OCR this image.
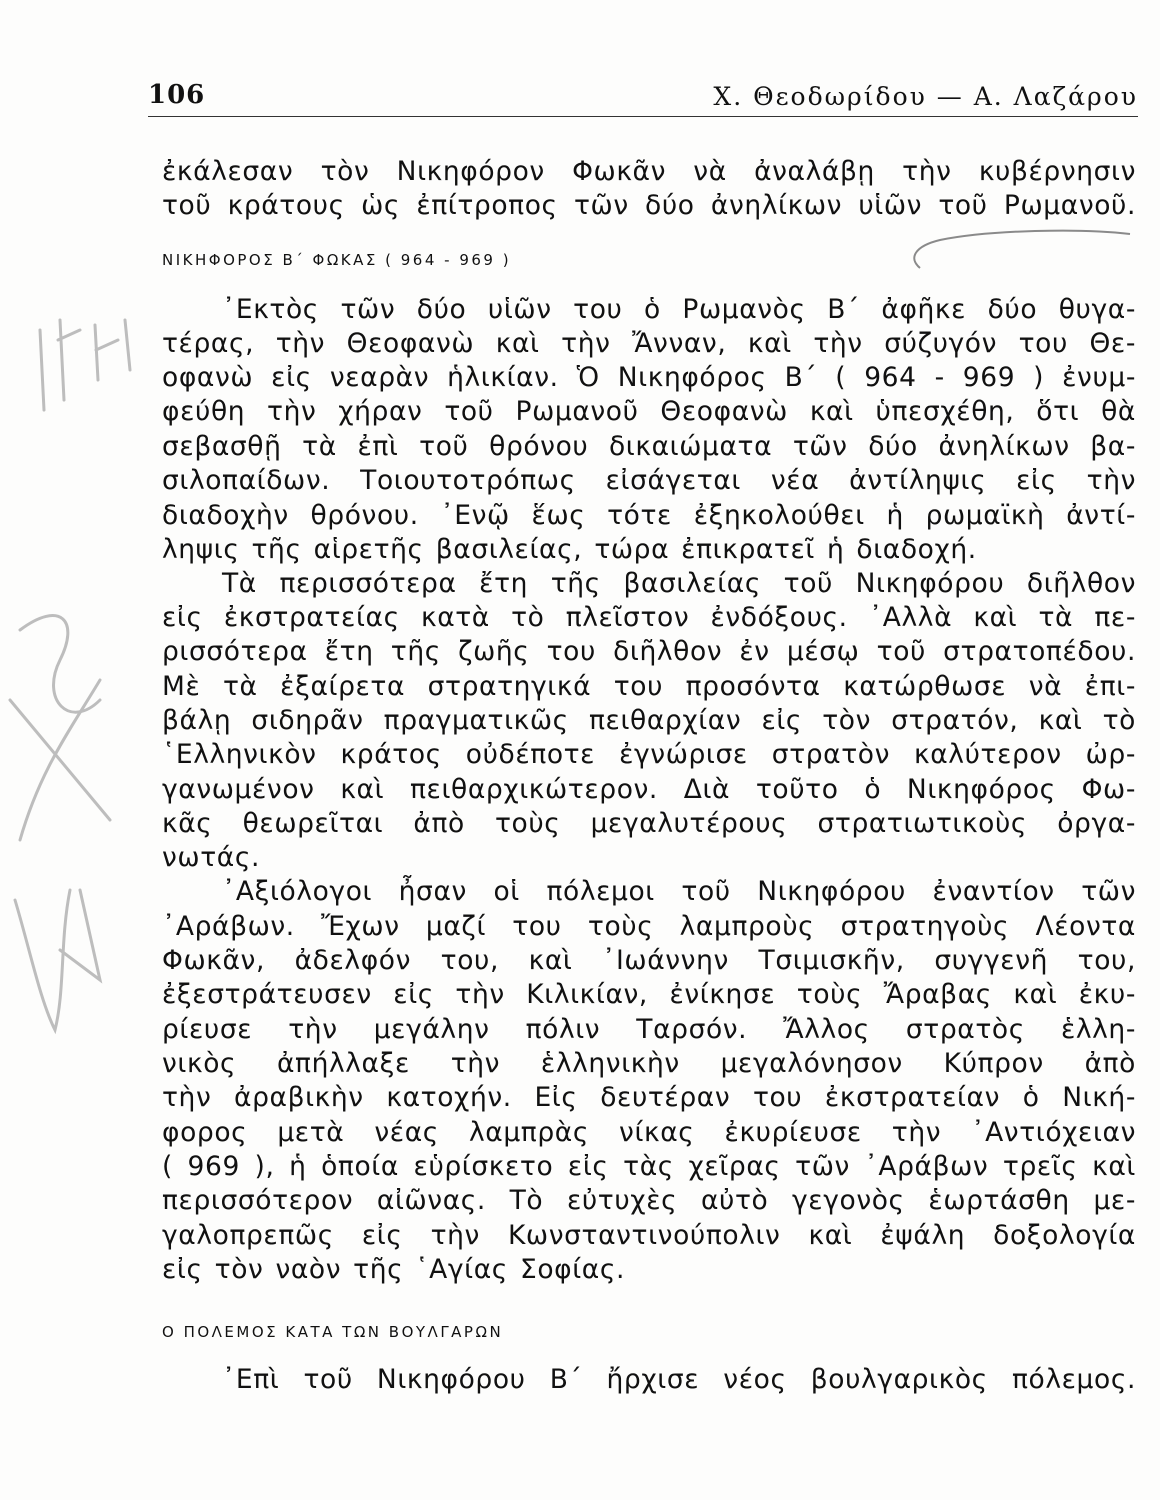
106	Χ. Θεοδωρίδου — Α. Λαζάρου
ἐκάλεσαν τὸν Νικηφόρον Φωκᾶν νὰ ἀναλάβῃ τὴν κυβέρνησιν
τοῦ κράτους ὡς ἐπίτροπος τῶν δύο ἀνηλίκων υἱῶν τοῦ Ρωμανοῦ.
ΝΙΚΗΦΟΡΟΣ Β΄ ΦΩΚΑΣ ( 964 - 969 )
᾿Εκτὸς τῶν δύο υἱῶν του ὁ Ρωμανὸς Β΄ ἀφῆκε δύο θυγα-
τέρας, τὴν Θεοφανὼ καὶ τὴν Ἄνναν, καὶ τὴν σύζυγόν του Θε-
οφανὼ εἰς νεαρὰν ἡλικίαν. Ὁ Νικηφόρος Β΄ ( 964 - 969 ) ἐνυμ-
φεύθη τὴν χήραν τοῦ Ρωμανοῦ Θεοφανὼ καὶ ὑπεσχέθη, ὅτι θὰ
σεβασθῇ τὰ ἐπὶ τοῦ θρόνου δικαιώματα τῶν δύο ἀνηλίκων βα-
σιλοπαίδων. Τοιουτοτρόπως εἰσάγεται νέα ἀντίληψις εἰς τὴν
διαδοχὴν θρόνου. ᾿Ενῷ ἕως τότε ἐξηκολούθει ἡ ρωμαϊκὴ ἀντί-
ληψις τῆς αἱρετῆς βασιλείας, τώρα ἐπικρατεῖ ἡ διαδοχή.
Τὰ περισσότερα ἔτη τῆς βασιλείας τοῦ Νικηφόρου διῆλθον
εἰς ἐκστρατείας κατὰ τὸ πλεῖστον ἐνδόξους. ᾿Αλλὰ καὶ τὰ πε-
ρισσότερα ἔτη τῆς ζωῆς του διῆλθον ἐν μέσῳ τοῦ στρατοπέδου.
Μὲ τὰ ἐξαίρετα στρατηγικά του προσόντα κατώρθωσε νὰ ἐπι-
βάλῃ σιδηρᾶν πραγματικῶς πειθαρχίαν εἰς τὸν στρατόν, καὶ τὸ
῾Ελληνικὸν κράτος οὐδέποτε ἐγνώρισε στρατὸν καλύτερον ὠρ-
γανωμένον καὶ πειθαρχικώτερον. Διὰ τοῦτο ὁ Νικηφόρος Φω-
κᾶς θεωρεῖται ἀπὸ τοὺς μεγαλυτέρους στρατιωτικοὺς ὀργα-
νωτάς.
᾿Αξιόλογοι ἦσαν οἱ πόλεμοι τοῦ Νικηφόρου ἐναντίον τῶν
᾿Αράβων. Ἔχων μαζί του τοὺς λαμπροὺς στρατηγοὺς Λέοντα
Φωκᾶν, ἀδελφόν του, καὶ ᾿Ιωάννην Τσιμισκῆν, συγγενῆ του,
ἐξεστράτευσεν εἰς τὴν Κιλικίαν, ἐνίκησε τοὺς Ἄραβας καὶ ἐκυ-
ρίευσε τὴν μεγάλην πόλιν Ταρσόν. Ἄλλος στρατὸς ἑλλη-
νικὸς ἀπήλλαξε τὴν ἑλληνικὴν μεγαλόνησον Κύπρον ἀπὸ
τὴν ἀραβικὴν κατοχήν. Εἰς δευτέραν του ἐκστρατείαν ὁ Νική-
φορος μετὰ νέας λαμπρὰς νίκας ἐκυρίευσε τὴν ᾿Αντιόχειαν
( 969 ), ἡ ὁποία εὑρίσκετο εἰς τὰς χεῖρας τῶν ᾿Αράβων τρεῖς καὶ
περισσότερον αἰῶνας. Τὸ εὐτυχὲς αὐτὸ γεγονὸς ἑωρτάσθη με-
γαλοπρεπῶς εἰς τὴν Κωνσταντινούπολιν καὶ ἐψάλη δοξολογία
εἰς τὸν ναὸν τῆς ῾Αγίας Σοφίας.
Ο ΠΟΛΕΜΟΣ ΚΑΤΑ ΤΩΝ ΒΟΥΛΓΑΡΩΝ
᾿Επὶ τοῦ Νικηφόρου Β΄ ἤρχισε νέος βουλγαρικὸς πόλεμος.
